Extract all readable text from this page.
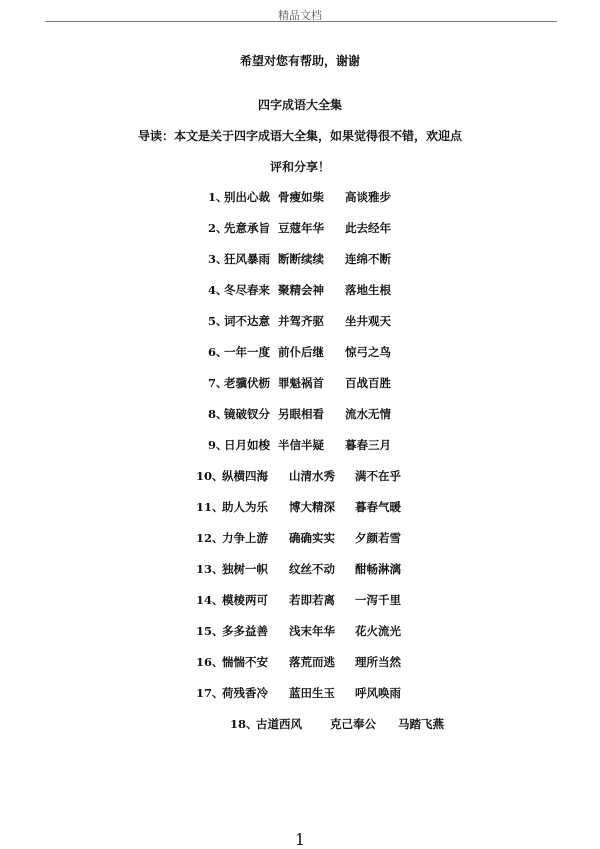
精品文档
希望对您有帮助，谢谢
四字成语大全集
导读：本文是关于四字成语大全集，如果觉得很不错，欢迎点
评和分享！
1、
别出心裁 骨瘦如柴 高谈雅步
2、
先意承旨 豆蔻年华 此去经年
3、
狂风暴雨 断断续续 连绵不断
4、
冬尽春来 聚精会神 落地生根
5、
词不达意 并驾齐驱 坐井观天
6、
一年一度 前仆后继 惊弓之鸟
7、
老骥伏枥 罪魁祸首 百战百胜
8、
镜破钗分 另眼相看 流水无情
9、
日月如梭 半信半疑 暮春三月
10、
纵横四海 山清水秀 满不在乎
11、
助人为乐 博大精深 暮春气暖
12、
力争上游 确确实实 夕颜若雪
13、
独树一帜 纹丝不动 酣畅淋漓
14、
模棱两可 若即若离 一泻千里
15、
多多益善 浅末年华 花火流光
16、
惴惴不安 落荒而逃 理所当然
17、
荷残香冷 蓝田生玉 呼风唤雨
18、
古道西风 克己奉公 马踏飞燕
1
